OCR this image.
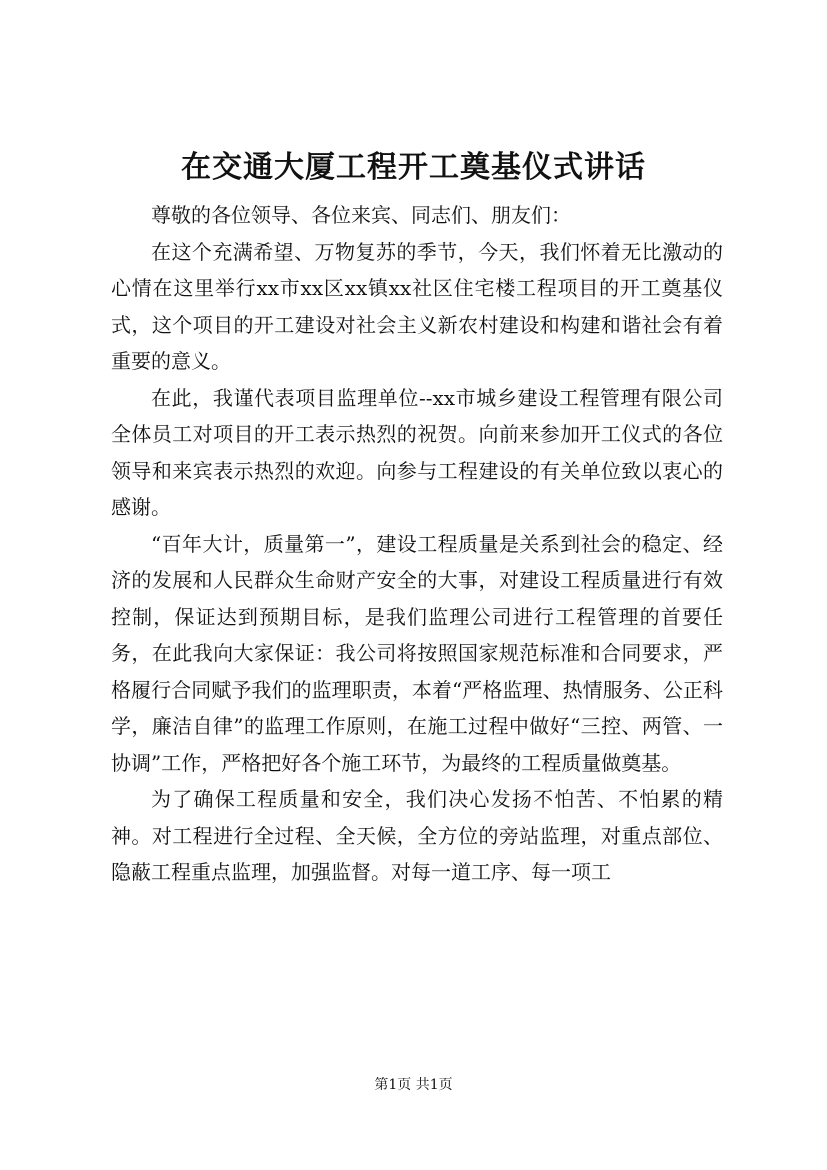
在交通大厦工程开工奠基仪式讲话

尊敬的各位领导、各位来宾、同志们、朋友们：

在这个充满希望、万物复苏的季节，今天，我们怀着无比激动的心情在这里举行xx市xx区xx镇xx社区住宅楼工程项目的开工奠基仪式，这个项目的开工建设对社会主义新农村建设和构建和谐社会有着重要的意义。

在此，我谨代表项目监理单位--xx市城乡建设工程管理有限公司全体员工对项目的开工表示热烈的祝贺。向前来参加开工仪式的各位领导和来宾表示热烈的欢迎。向参与工程建设的有关单位致以衷心的感谢。

“百年大计，质量第一”，建设工程质量是关系到社会的稳定、经济的发展和人民群众生命财产安全的大事，对建设工程质量进行有效控制，保证达到预期目标，是我们监理公司进行工程管理的首要任务，在此我向大家保证：我公司将按照国家规范标准和合同要求，严格履行合同赋予我们的监理职责，本着“严格监理、热情服务、公正科学，廉洁自律”的监理工作原则，在施工过程中做好“三控、两管、一协调”工作，严格把好各个施工环节，为最终的工程质量做奠基。

为了确保工程质量和安全，我们决心发扬不怕苦、不怕累的精神。对工程进行全过程、全天候，全方位的旁站监理，对重点部位、隐蔽工程重点监理，加强监督。对每一道工序、每一项工

第1页 共1页
